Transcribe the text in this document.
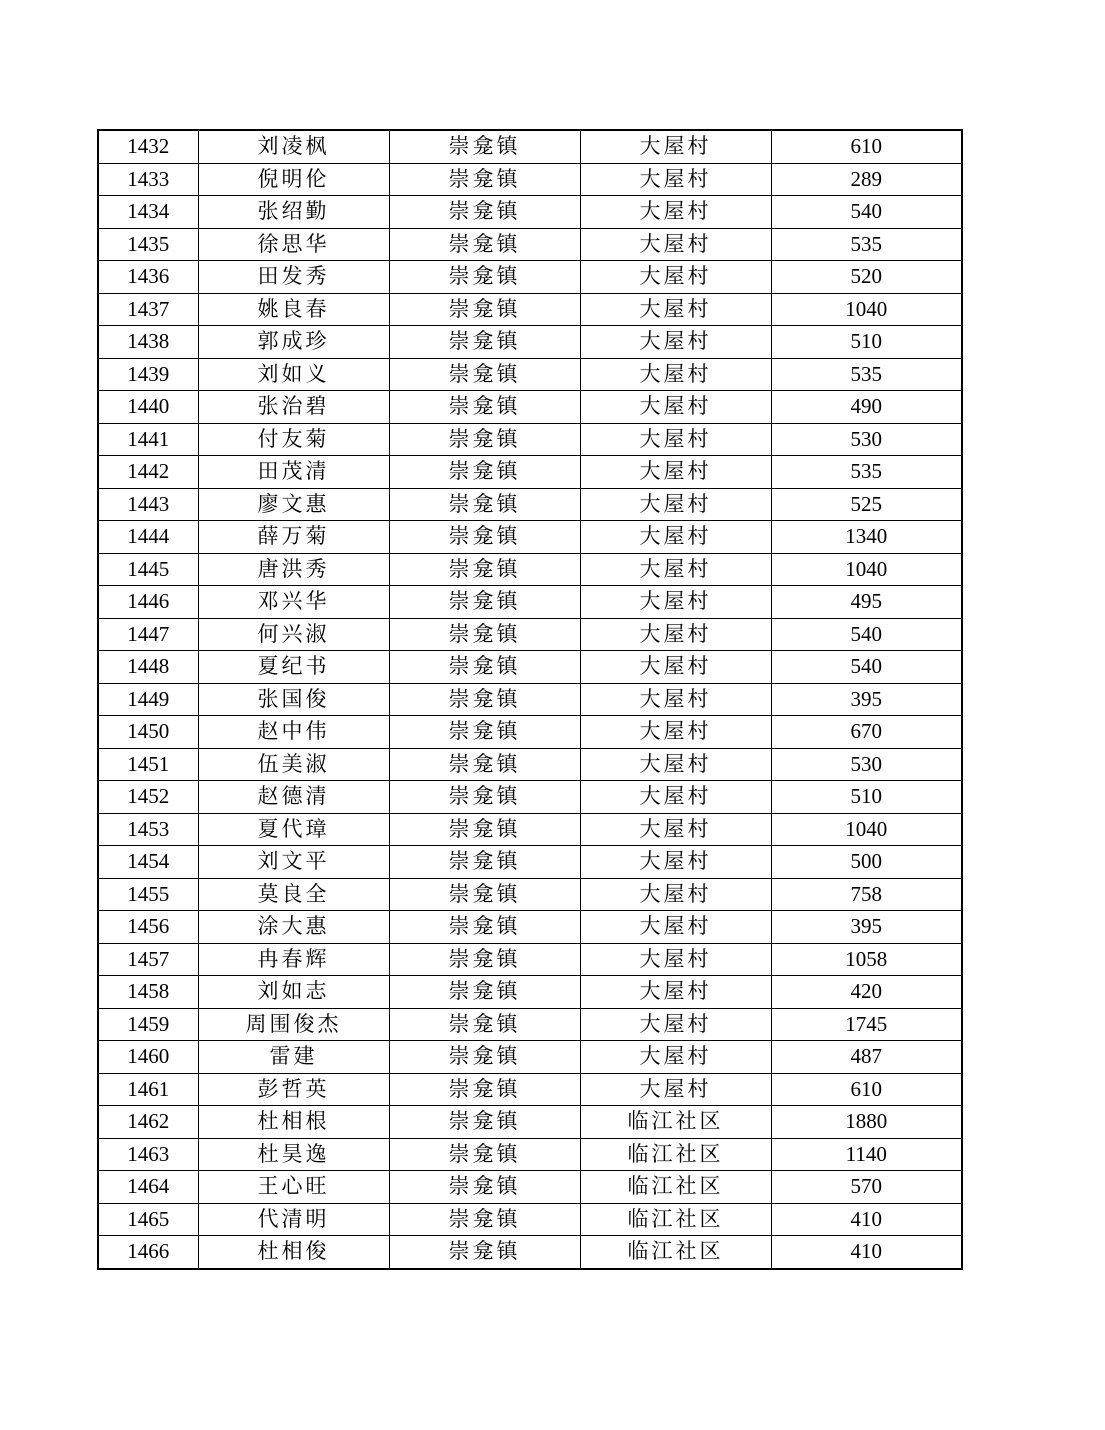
1432	刘凌枫	崇龛镇	大屋村	610
1433	倪明伦	崇龛镇	大屋村	289
1434	张绍勤	崇龛镇	大屋村	540
1435	徐思华	崇龛镇	大屋村	535
1436	田发秀	崇龛镇	大屋村	520
1437	姚良春	崇龛镇	大屋村	1040
1438	郭成珍	崇龛镇	大屋村	510
1439	刘如义	崇龛镇	大屋村	535
1440	张治碧	崇龛镇	大屋村	490
1441	付友菊	崇龛镇	大屋村	530
1442	田茂清	崇龛镇	大屋村	535
1443	廖文惠	崇龛镇	大屋村	525
1444	薛万菊	崇龛镇	大屋村	1340
1445	唐洪秀	崇龛镇	大屋村	1040
1446	邓兴华	崇龛镇	大屋村	495
1447	何兴淑	崇龛镇	大屋村	540
1448	夏纪书	崇龛镇	大屋村	540
1449	张国俊	崇龛镇	大屋村	395
1450	赵中伟	崇龛镇	大屋村	670
1451	伍美淑	崇龛镇	大屋村	530
1452	赵德清	崇龛镇	大屋村	510
1453	夏代璋	崇龛镇	大屋村	1040
1454	刘文平	崇龛镇	大屋村	500
1455	莫良全	崇龛镇	大屋村	758
1456	涂大惠	崇龛镇	大屋村	395
1457	冉春辉	崇龛镇	大屋村	1058
1458	刘如志	崇龛镇	大屋村	420
1459	周围俊杰	崇龛镇	大屋村	1745
1460	雷建	崇龛镇	大屋村	487
1461	彭哲英	崇龛镇	大屋村	610
1462	杜相根	崇龛镇	临江社区	1880
1463	杜昊逸	崇龛镇	临江社区	1140
1464	王心旺	崇龛镇	临江社区	570
1465	代清明	崇龛镇	临江社区	410
1466	杜相俊	崇龛镇	临江社区	410
